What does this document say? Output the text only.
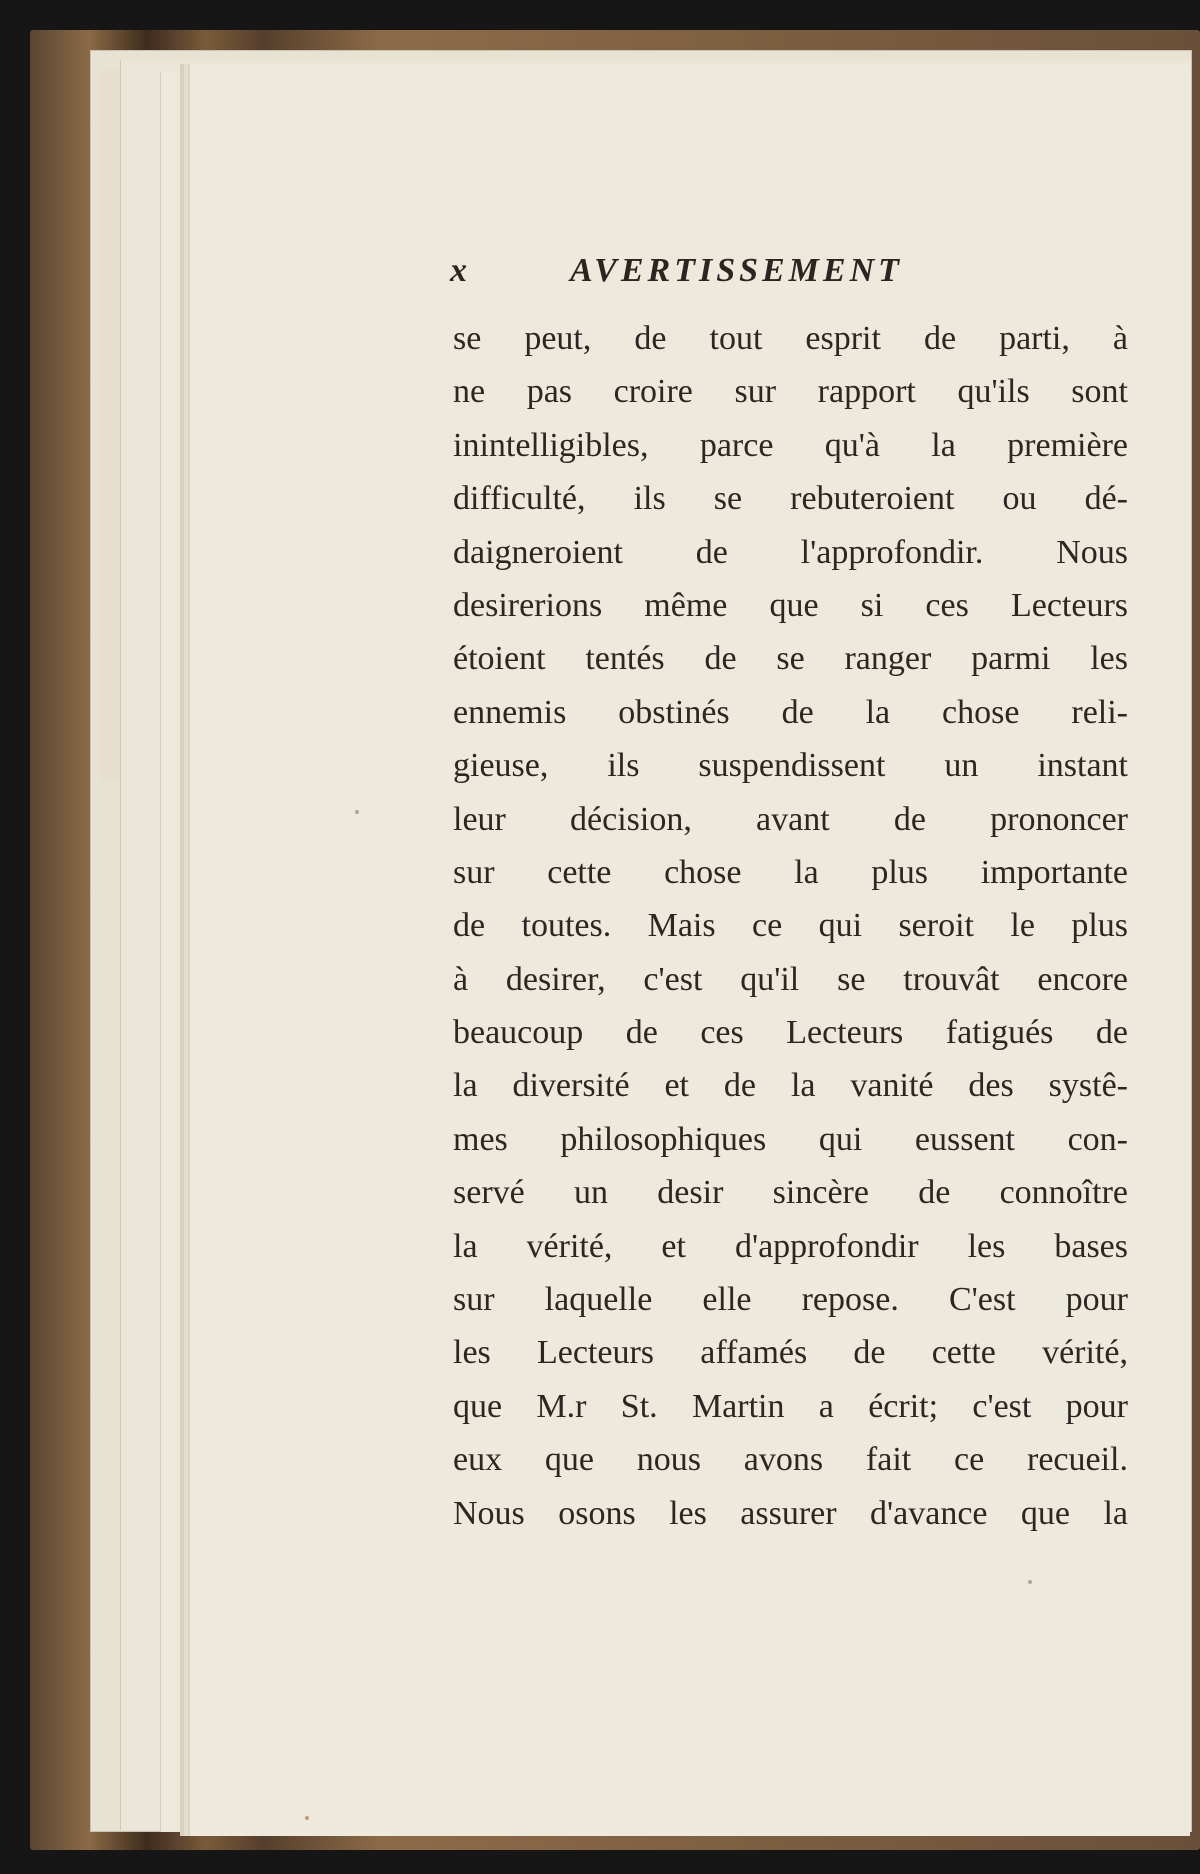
x	AVERTISSEMENT
se peut, de tout esprit de parti, à
ne pas croire sur rapport qu'ils sont
inintelligibles, parce qu'à la première
difficulté, ils se rebuteroient ou dé-
daigneroient de l'approfondir. Nous
desirerions même que si ces Lecteurs
étoient tentés de se ranger parmi les
ennemis obstinés de la chose reli-
gieuse, ils suspendissent un instant
leur décision, avant de prononcer
sur cette chose la plus importante
de toutes. Mais ce qui seroit le plus
à desirer, c'est qu'il se trouvât encore
beaucoup de ces Lecteurs fatigués de
la diversité et de la vanité des systê-
mes philosophiques qui eussent con-
servé un desir sincère de connoître
la vérité, et d'approfondir les bases
sur laquelle elle repose. C'est pour
les Lecteurs affamés de cette vérité,
que M.r St. Martin a écrit; c'est pour
eux que nous avons fait ce recueil.
Nous osons les assurer d'avance que la
